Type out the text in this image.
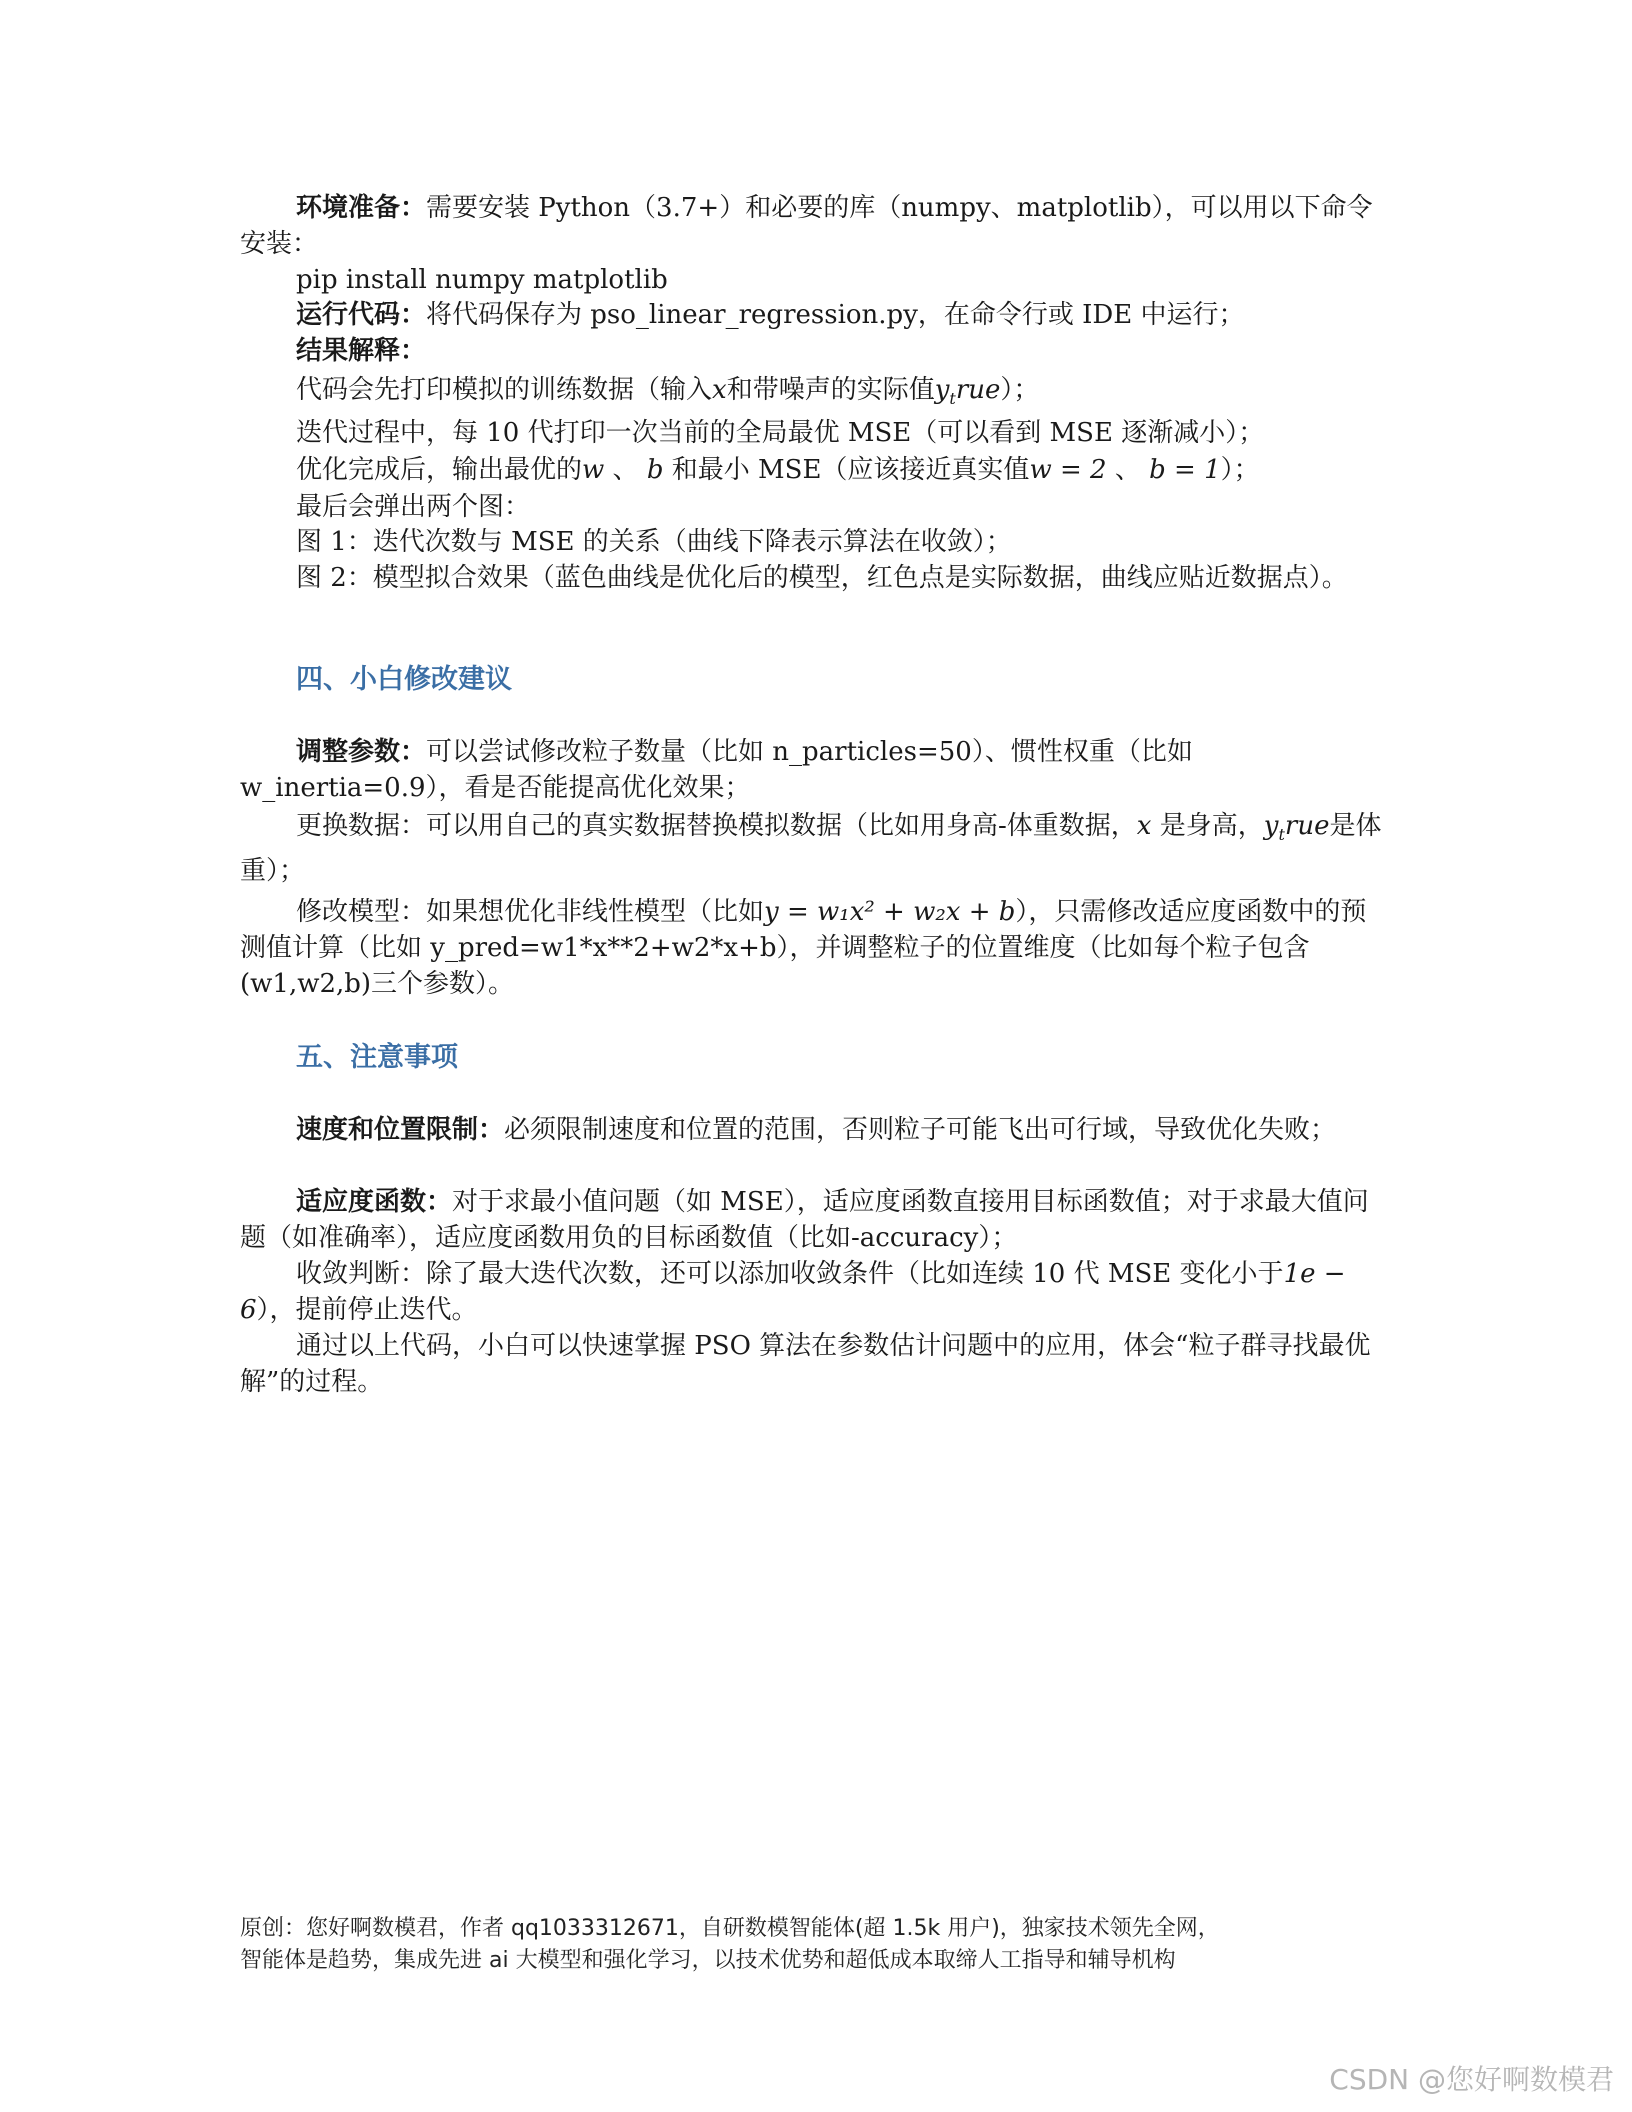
环境准备：需要安装 Python（3.7+）和必要的库（numpy、matplotlib），可以用以下命令安装：

pip install numpy matplotlib

运行代码：将代码保存为 pso_linear_regression.py，在命令行或 IDE 中运行；

结果解释：

代码会先打印模拟的训练数据（输入x和带噪声的实际值$y_true$）；

迭代过程中，每 10 代打印一次当前的全局最优 MSE（可以看到 MSE 逐渐减小）；

优化完成后，输出最优的w 、 b 和最小 MSE（应该接近真实值w = 2 、 b = 1）；

最后会弹出两个图：

图 1：迭代次数与 MSE 的关系（曲线下降表示算法在收敛）；

图 2：模型拟合效果（蓝色曲线是优化后的模型，红色点是实际数据，曲线应贴近数据点）。

四、小白修改建议

调整参数：可以尝试修改粒子数量（比如 n_particles=50）、惯性权重（比如 w_inertia=0.9），看是否能提高优化效果；

更换数据：可以用自己的真实数据替换模拟数据（比如用身高-体重数据，x 是身高，$y_true$是体重）；

修改模型：如果想优化非线性模型（比如y = w₁x² + w₂x + b），只需修改适应度函数中的预测值计算（比如 y_pred=w1*x**2+w2*x+b），并调整粒子的位置维度（比如每个粒子包含(w1,w2,b)三个参数）。

五、注意事项

速度和位置限制：必须限制速度和位置的范围，否则粒子可能飞出可行域，导致优化失败；

适应度函数：对于求最小值问题（如 MSE），适应度函数直接用目标函数值；对于求最大值问题（如准确率），适应度函数用负的目标函数值（比如-accuracy）；

收敛判断：除了最大迭代次数，还可以添加收敛条件（比如连续 10 代 MSE 变化小于1e − 6），提前停止迭代。

通过以上代码，小白可以快速掌握 PSO 算法在参数估计问题中的应用，体会“粒子群寻找最优解”的过程。

原创：您好啊数模君，作者 qq1033312671，自研数模智能体(超 1.5k 用户)，独家技术领先全网，
智能体是趋势，集成先进 ai 大模型和强化学习，以技术优势和超低成本取缔人工指导和辅导机构
CSDN @您好啊数模君
